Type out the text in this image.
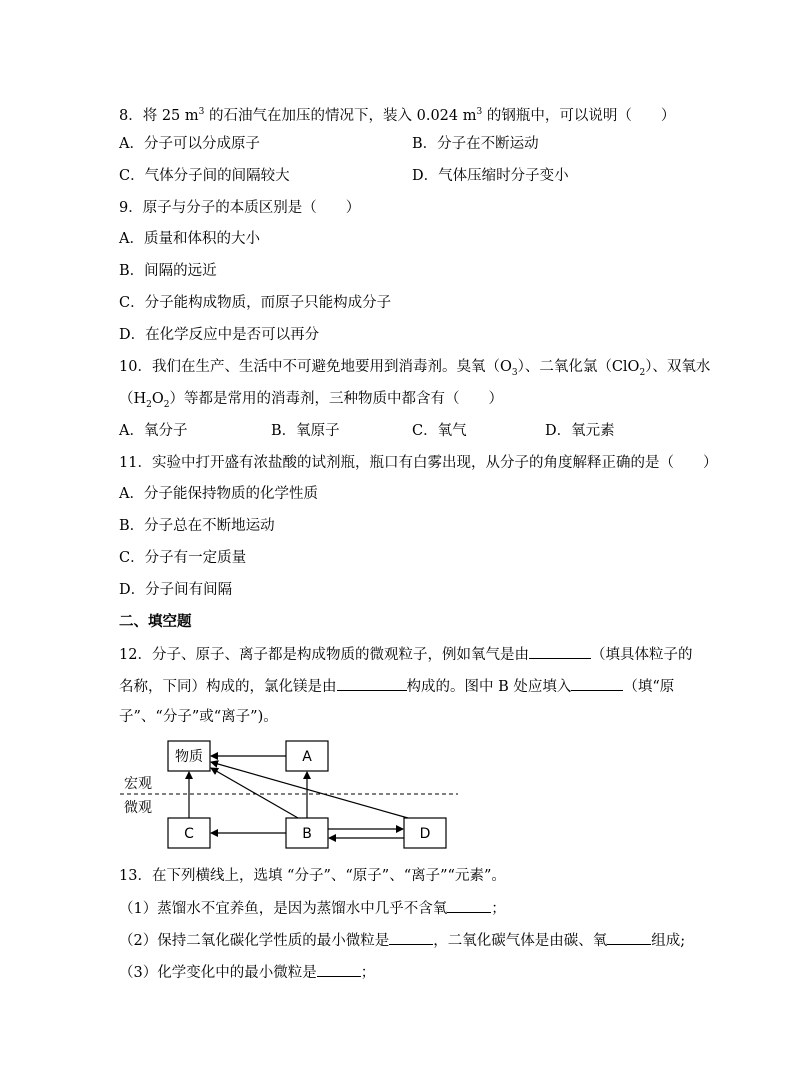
8．将 25 $m^3$ 的石油气在加压的情况下，装入 0.024 $m^3$ 的钢瓶中，可以说明（　　）
A．分子可以分成原子	B．分子在不断运动
C．气体分子间的间隔较大	D．气体压缩时分子变小
9．原子与分子的本质区别是（　　）
A．质量和体积的大小
B．间隔的远近
C．分子能构成物质，而原子只能构成分子
D．在化学反应中是否可以再分
10．我们在生产、生活中不可避免地要用到消毒剂。臭氧$(O_3)$、二氧化氯（ClO$_2$）、双氧水
$(H_2O_2)$等都是常用的消毒剂，三种物质中都含有（　　）
A．氧分子	B．氧原子	C．氧气	D．氧元素
11．实验中打开盛有浓盐酸的试剂瓶，瓶口有白雾出现，从分子的角度解释正确的是（　　）
A．分子能保持物质的化学性质
B．分子总在不断地运动
C．分子有一定质量
D．分子间有间隔
二、填空题
12．分子、原子、离子都是构成物质的微观粒子，例如氧气是由	（填具体粒子的
名称，下同）构成的，氯化镁是由	构成的。图中 B 处应填入	（填“原
子”、“分子”或“离子”)。
物质	A
C	B	D
宏观
微观
13．在下列横线上，选填 “分子”、“原子”、“离子”“元素”。
（1）蒸馏水不宜养鱼，是因为蒸馏水中几乎不含氧	；
（2）保持二氧化碳化学性质的最小微粒是	，二氧化碳气体是由碳、氧	组成;
（3）化学变化中的最小微粒是	；
